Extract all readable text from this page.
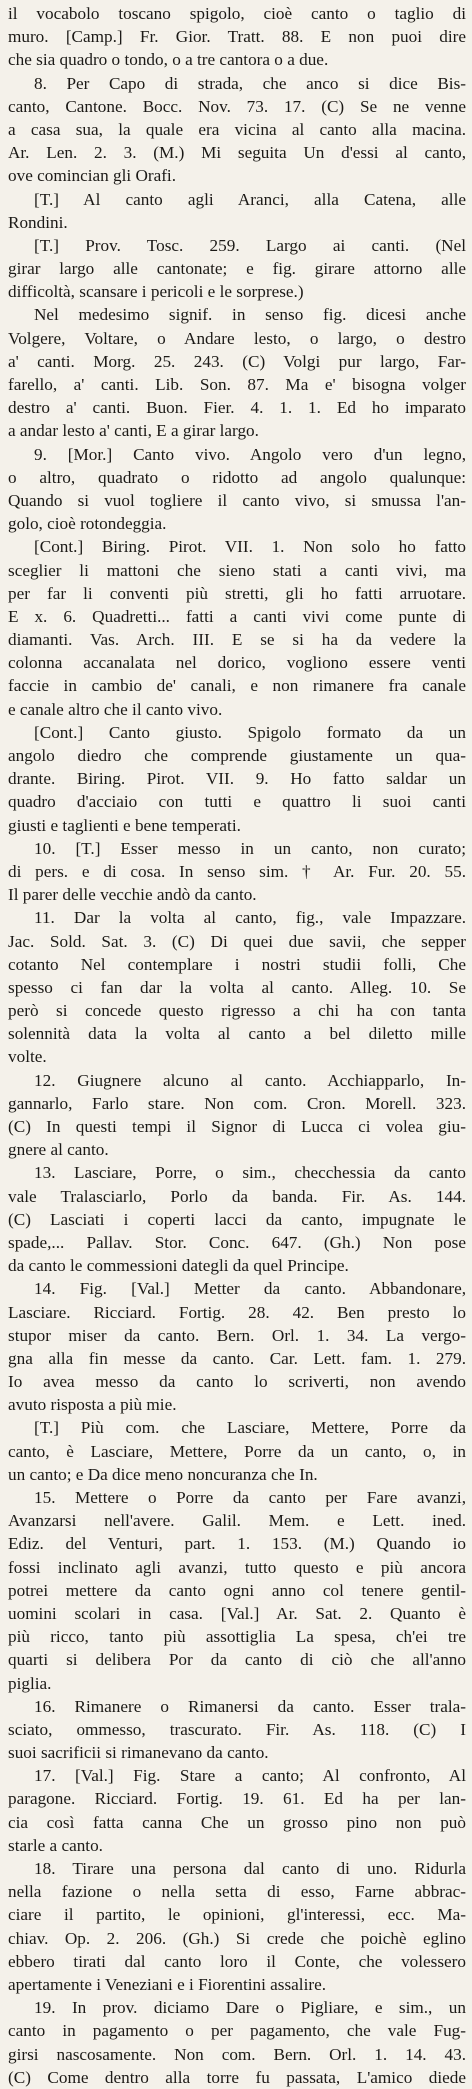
il vocabolo toscano spigolo, cioè canto o taglio di
muro. [Camp.] Fr. Gior. Tratt. 88. E non puoi dire
che sia quadro o tondo, o a tre cantora o a due.
8. Per Capo di strada, che anco si dice Bis-
canto, Cantone. Bocc. Nov. 73. 17. (C) Se ne venne
a casa sua, la quale era vicina al canto alla macina.
Ar. Len. 2. 3. (M.) Mi seguita Un d'essi al canto,
ove comincian gli Orafi.
[T.] Al canto agli Aranci, alla Catena, alle
Rondini.
[T.] Prov. Tosc. 259. Largo ai canti. (Nel
girar largo alle cantonate; e fig. girare attorno alle
difficoltà, scansare i pericoli e le sorprese.)
Nel medesimo signif. in senso fig. dicesi anche
Volgere, Voltare, o Andare lesto, o largo, o destro
a' canti. Morg. 25. 243. (C) Volgi pur largo, Far-
farello, a' canti. Lib. Son. 87. Ma e' bisogna volger
destro a' canti. Buon. Fier. 4. 1. 1. Ed ho imparato
a andar lesto a' canti, E a girar largo.
9. [Mor.] Canto vivo. Angolo vero d'un legno,
o altro, quadrato o ridotto ad angolo qualunque:
Quando si vuol togliere il canto vivo, si smussa l'an-
golo, cioè rotondeggia.
[Cont.] Biring. Pirot. VII. 1. Non solo ho fatto
sceglier li mattoni che sieno stati a canti vivi, ma
per far li conventi più stretti, gli ho fatti arruotare.
E x. 6. Quadretti... fatti a canti vivi come punte di
diamanti. Vas. Arch. III. E se si ha da vedere la
colonna accanalata nel dorico, vogliono essere venti
faccie in cambio de' canali, e non rimanere fra canale
e canale altro che il canto vivo.
[Cont.] Canto giusto. Spigolo formato da un
angolo diedro che comprende giustamente un qua-
drante. Biring. Pirot. VII. 9. Ho fatto saldar un
quadro d'acciaio con tutti e quattro li suoi canti
giusti e taglienti e bene temperati.
10. [T.] Esser messo in un canto, non curato;
di pers. e di cosa. In senso sim. † Ar. Fur. 20. 55.
Il parer delle vecchie andò da canto.
11. Dar la volta al canto, fig., vale Impazzare.
Jac. Sold. Sat. 3. (C) Di quei due savii, che sepper
cotanto Nel contemplare i nostri studii folli, Che
spesso ci fan dar la volta al canto. Alleg. 10. Se
però si concede questo rigresso a chi ha con tanta
solennità data la volta al canto a bel diletto mille
volte.
12. Giugnere alcuno al canto. Acchiapparlo, In-
gannarlo, Farlo stare. Non com. Cron. Morell. 323.
(C) In questi tempi il Signor di Lucca ci volea giu-
gnere al canto.
13. Lasciare, Porre, o sim., checchessia da canto
vale Tralasciarlo, Porlo da banda. Fir. As. 144.
(C) Lasciati i coperti lacci da canto, impugnate le
spade,... Pallav. Stor. Conc. 647. (Gh.) Non pose
da canto le commessioni dategli da quel Principe.
14. Fig. [Val.] Metter da canto. Abbandonare,
Lasciare. Ricciard. Fortig. 28. 42. Ben presto lo
stupor miser da canto. Bern. Orl. 1. 34. La vergo-
gna alla fin messe da canto. Car. Lett. fam. 1. 279.
Io avea messo da canto lo scriverti, non avendo
avuto risposta a più mie.
[T.] Più com. che Lasciare, Mettere, Porre da
canto, è Lasciare, Mettere, Porre da un canto, o, in
un canto; e Da dice meno noncuranza che In.
15. Mettere o Porre da canto per Fare avanzi,
Avanzarsi nell'avere. Galil. Mem. e Lett. ined.
Ediz. del Venturi, part. 1. 153. (M.) Quando io
fossi inclinato agli avanzi, tutto questo e più ancora
potrei mettere da canto ogni anno col tenere gentil-
uomini scolari in casa. [Val.] Ar. Sat. 2. Quanto è
più ricco, tanto più assottiglia La spesa, ch'ei tre
quarti si delibera Por da canto di ciò che all'anno
piglia.
16. Rimanere o Rimanersi da canto. Esser trala-
sciato, ommesso, trascurato. Fir. As. 118. (C) I
suoi sacrificii si rimanevano da canto.
17. [Val.] Fig. Stare a canto; Al confronto, Al
paragone. Ricciard. Fortig. 19. 61. Ed ha per lan-
cia così fatta canna Che un grosso pino non può
starle a canto.
18. Tirare una persona dal canto di uno. Ridurla
nella fazione o nella setta di esso, Farne abbrac-
ciare il partito, le opinioni, gl'interessi, ecc. Ma-
chiav. Op. 2. 206. (Gh.) Si crede che poichè eglino
ebbero tirati dal canto loro il Conte, che volessero
apertamente i Veneziani e i Fiorentini assalire.
19. In prov. diciamo Dare o Pigliare, e sim., un
canto in pagamento o per pagamento, che vale Fug-
girsi nascosamente. Non com. Bern. Orl. 1. 14. 43.
(C) Come dentro alla torre fu passata, L'amico diede
